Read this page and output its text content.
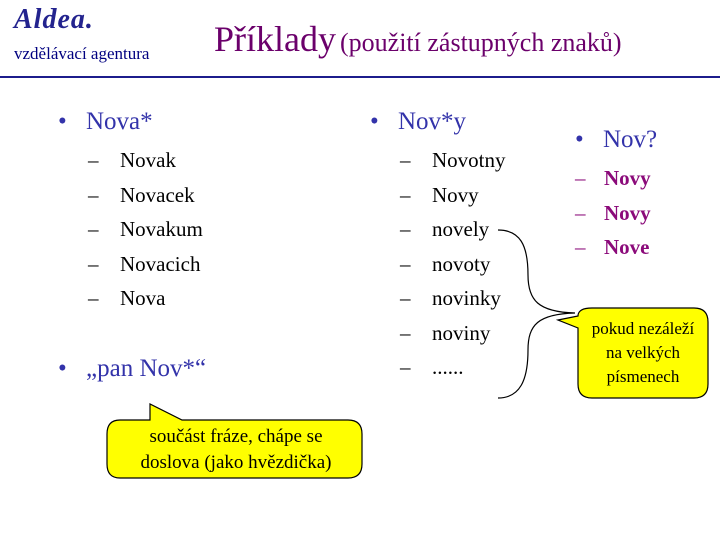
Aldea.
vzdělávací agentura Příklady (použití zástupných znaků)
• Nova*
– Novak
– Novacek
– Novakum
– Novacich
– Nova
• „pan Nov*“
• Nov*y
– Novotny
– Novy
– novely
– novoty
– novinky
– noviny
– ......
• Nov?
– Novy
– Novy
– Nove
součást fráze, chápe se
doslova (jako hvězdička)
pokud nezáleží
na velkých
písmenech
